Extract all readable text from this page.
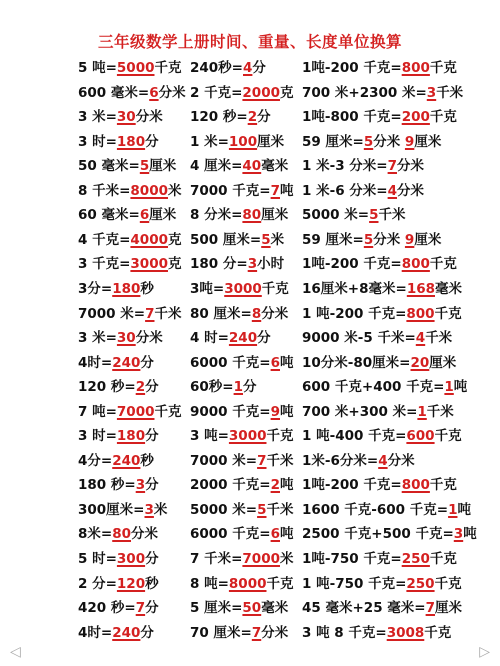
三年级数学上册时间、重量、长度单位换算
5 吨=5000千克 240秒=4分	1吨-200 千克=800千克
600 毫米=6分米 2 千克=2000克 700 米+2300 米=3千米
3 米=30分米 120 秒=2分 1吨-800 千克=200千克
3 时=180分 1 米=100厘米 59 厘米=5分米 9厘米
50 毫米=5厘米 4 厘米=40毫米 1 米-3 分米=7分米
8 千米=8000米 7000 千克=7吨 1 米-6 分米=4分米
60 毫米=6厘米 8 分米=80厘米 5000 米=5千米
4 千克=4000克 500 厘米=5米 59 厘米=5分米 9厘米
3 千克=3000克 180 分=3小时 1吨-200 千克=800千克
3分=180秒	3吨=3000千克 16厘米+8毫米=168毫米
7000 米=7千米 80 厘米=8分米 1 吨-200 千克=800千克
3 米=30分米 4 时=240分 9000 米-5 千米=4千米
4时=240分	6000 千克=6吨 10分米-80厘米=20厘米
120 秒=2分 60秒=1分	600 千克+400 千克=1吨
7 吨=7000千克 9000 千克=9吨 700 米+300 米=1千米
3 时=180分 3 吨=3000千克 1 吨-400 千克=600千克
4分=240秒	7000 米=7千米 1米-6分米=4分米
180 秒=3分 2000 千克=2吨 1吨-200 千克=800千克
300厘米=3米 5000 米=5千米 1600 千克-600 千克=1吨
8米=80分米 6000 千克=6吨 2500 千克+500 千克=3吨
5 时=300分 7 千米=7000米 1吨-750 千克=250千克
2 分=120秒 8 吨=8000千克 1 吨-750 千克=250千克
420 秒=7分 5 厘米=50毫米 45 毫米+25 毫米=7厘米
4时=240分	70 厘米=7分米 3 吨 8 千克=3008千克
◁	▷
